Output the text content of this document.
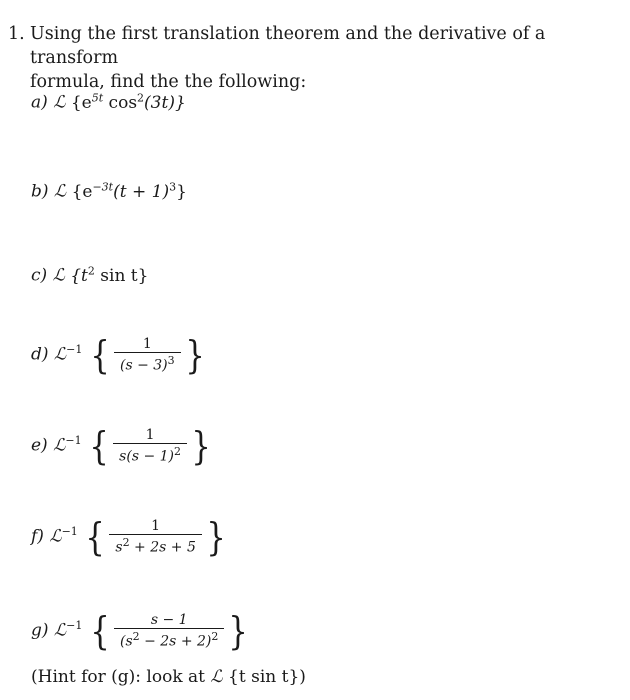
1. Using the first translation theorem and the derivative of a transform
formula, find the the following:
a) ℒ {$e^{5t}$ $\cos^2(3t)$}
b) ℒ $\{e^{-3t}(t + 1)^3\}$
c) ℒ {$t^2$ sin t}
d) ℒ$^{-1}$ { $\frac{1}{(s - 3)^3}$ }
e) ℒ$^{-1}$ { $\frac{1}{s(s - 1)^2}$ }
f) ℒ$^{-1}$ { $\frac{1}{s^2 + 2s + 5}$ }
g) ℒ$^{-1}$ { $\frac{s - 1}{(s^2 - 2s + 2)^2}$ }
(Hint for (g): look at ℒ {t sin t})
